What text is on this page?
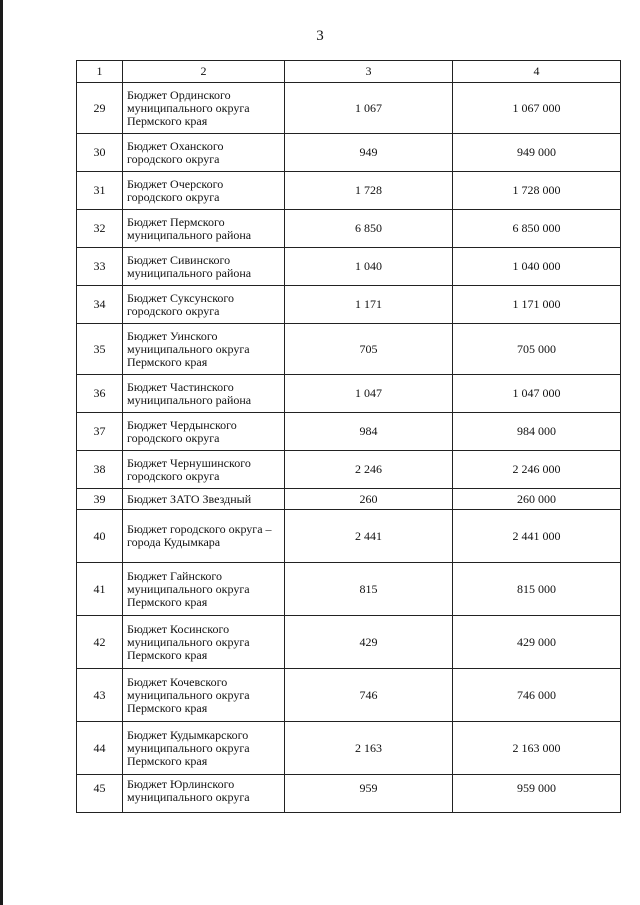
3
1	2	3	4
29	Бюджет Ординского муниципального округа Пермского края	1 067	1 067 000
30	Бюджет Оханского городского округа	949	949 000
31	Бюджет Очерского городского округа	1 728	1 728 000
32	Бюджет Пермского муниципального района	6 850	6 850 000
33	Бюджет Сивинского муниципального района	1 040	1 040 000
34	Бюджет Суксунского городского округа	1 171	1 171 000
35	Бюджет Уинского муниципального округа Пермского края	705	705 000
36	Бюджет Частинского муниципального района	1 047	1 047 000
37	Бюджет Чердынского городского округа	984	984 000
38	Бюджет Чернушинского городского округа	2 246	2 246 000
39	Бюджет ЗАТО Звездный	260	260 000
40	Бюджет городского округа – города Кудымкара	2 441	2 441 000
41	Бюджет Гайнского муниципального округа Пермского края	815	815 000
42	Бюджет Косинского муниципального округа Пермского края	429	429 000
43	Бюджет Кочевского муниципального округа Пермского края	746	746 000
44	Бюджет Кудымкарского муниципального округа Пермского края	2 163	2 163 000
45	Бюджет Юрлинского муниципального округа	959	959 000
